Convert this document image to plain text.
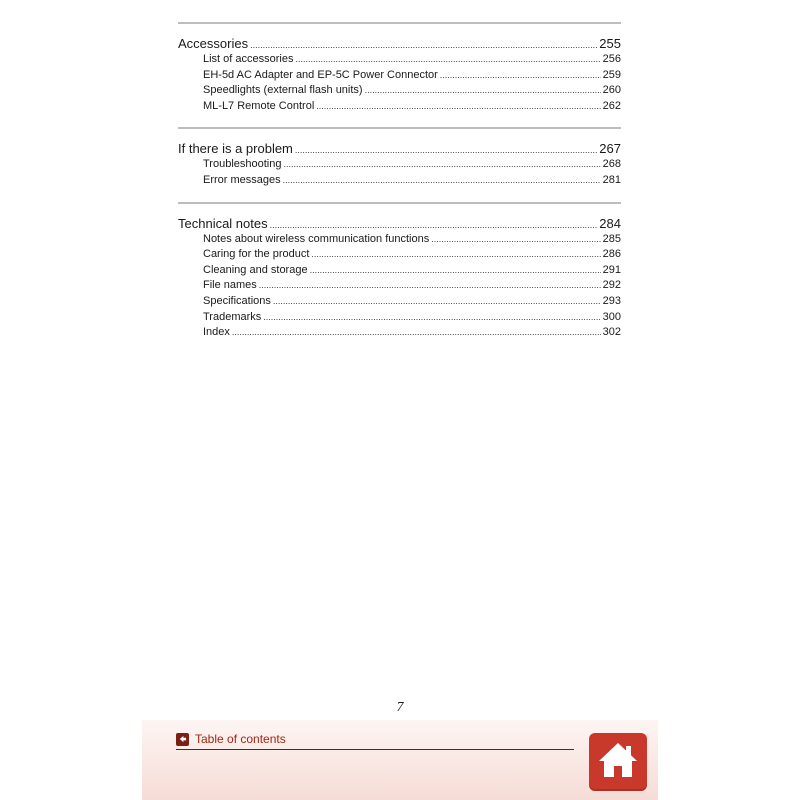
Accessories .....	255
List of accessories .....	256
EH-5d AC Adapter and EP-5C Power Connector .....	259
Speedlights (external flash units) .....	260
ML-L7 Remote Control .....	262
If there is a problem .....	267
Troubleshooting .....	268
Error messages .....	281
Technical notes .....	284
Notes about wireless communication functions .....	285
Caring for the product .....	286
Cleaning and storage .....	291
File names .....	292
Specifications .....	293
Trademarks .....	300
Index .....	302
7
Table of contents
